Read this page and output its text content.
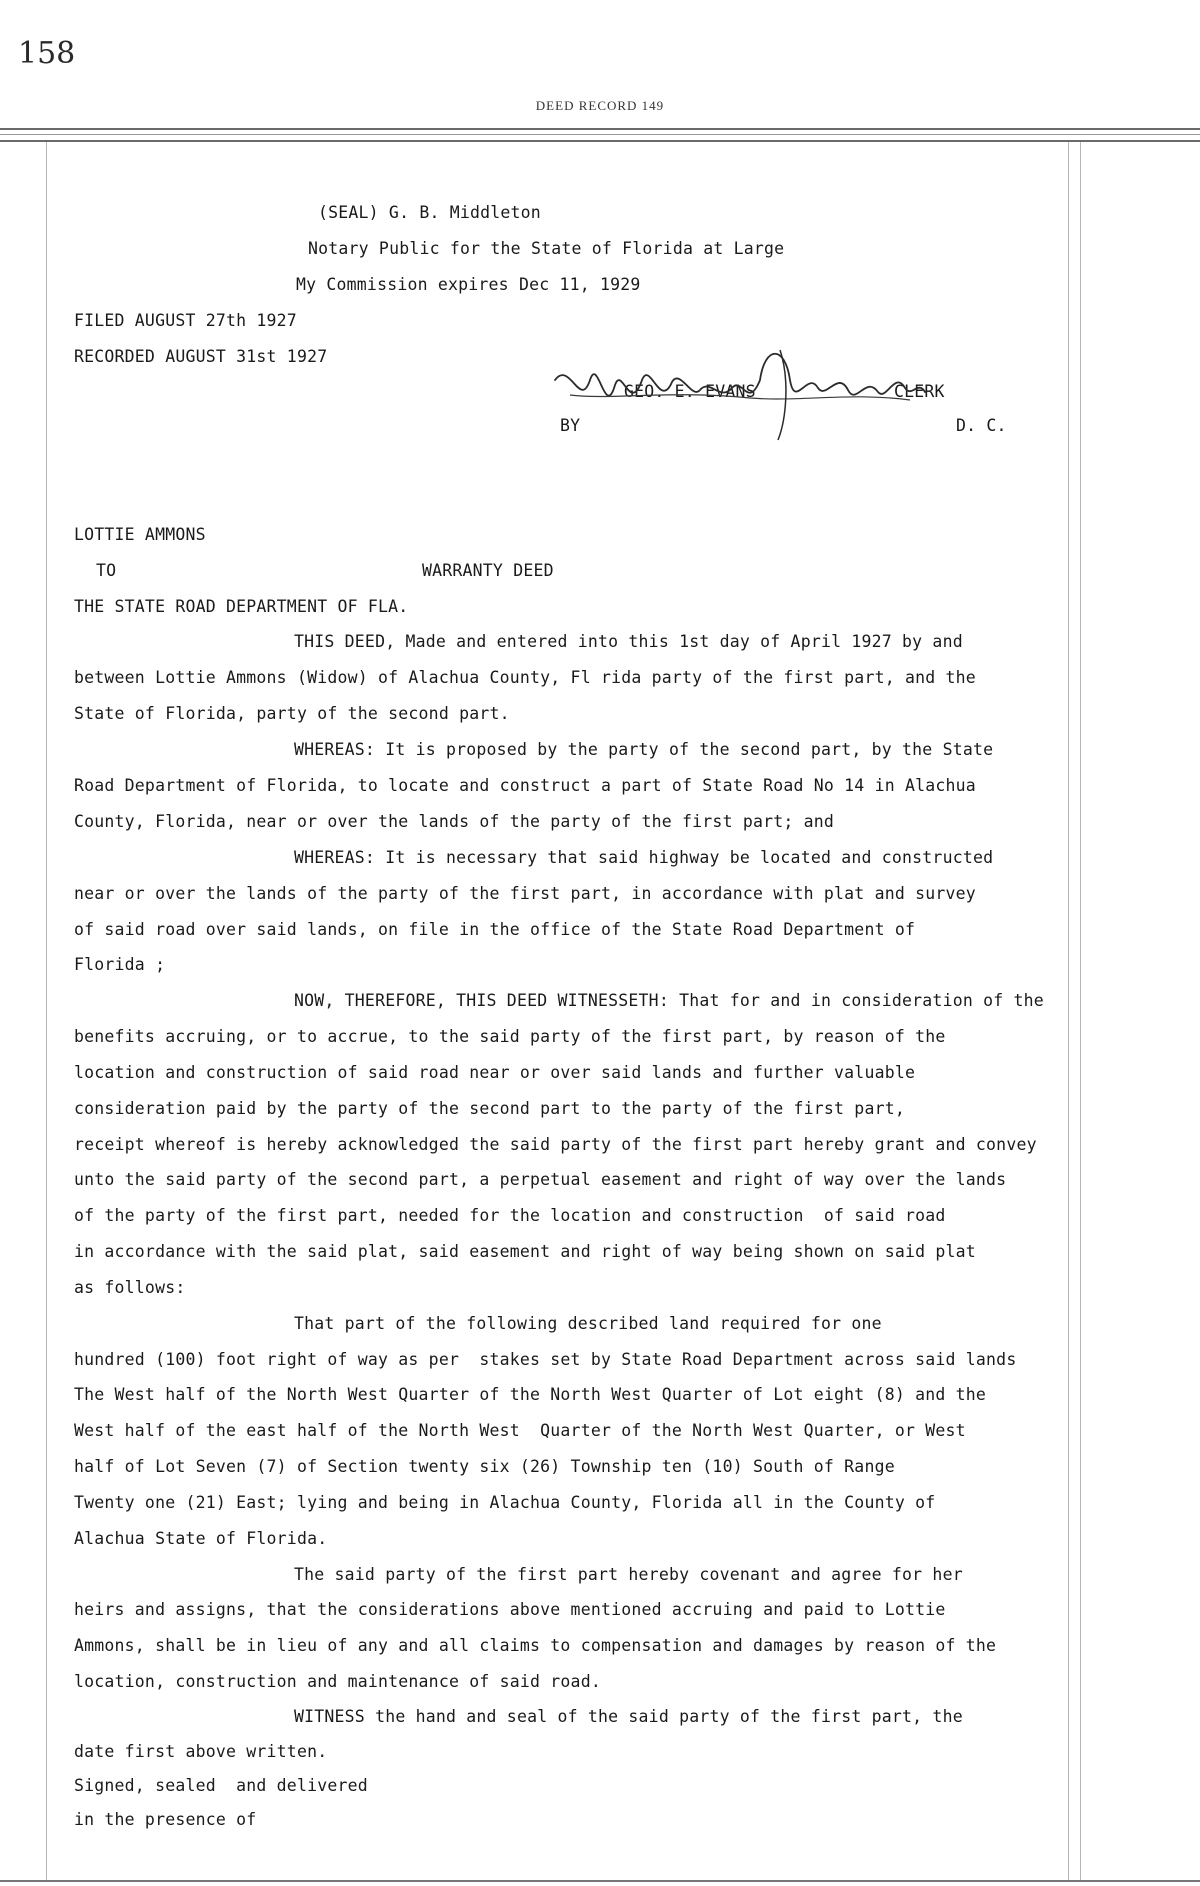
158
DEED RECORD 149
(SEAL) G. B. Middleton
Notary Public for the State of Florida at Large
My Commission expires Dec 11, 1929
FILED AUGUST 27th 1927
RECORDED AUGUST 31st 1927
GEO. E. EVANS	CLERK
BY	D. C.
LOTTIE AMMONS
TO	WARRANTY DEED
THE STATE ROAD DEPARTMENT OF FLA.
THIS DEED, Made and entered into this 1st day of April 1927 by and
between Lottie Ammons (Widow) of Alachua County, Fl rida party of the first part, and the
State of Florida, party of the second part.
WHEREAS: It is proposed by the party of the second part, by the State
Road Department of Florida, to locate and construct a part of State Road No 14 in Alachua
County, Florida, near or over the lands of the party of the first part; and
WHEREAS: It is necessary that said highway be located and constructed
near or over the lands of the party of the first part, in accordance with plat and survey
of said road over said lands, on file in the office of the State Road Department of
Florida ;
NOW, THEREFORE, THIS DEED WITNESSETH: That for and in consideration of the
benefits accruing, or to accrue, to the said party of the first part, by reason of the
location and construction of said road near or over said lands and further valuable
consideration paid by the party of the second part to the party of the first part,
receipt whereof is hereby acknowledged the said party of the first part hereby grant and convey
unto the said party of the second part, a perpetual easement and right of way over the lands
of the party of the first part, needed for the location and construction  of said road
in accordance with the said plat, said easement and right of way being shown on said plat
as follows:
That part of the following described land required for one
hundred (100) foot right of way as per  stakes set by State Road Department across said lands
The West half of the North West Quarter of the North West Quarter of Lot eight (8) and the
West half of the east half of the North West  Quarter of the North West Quarter, or West
half of Lot Seven (7) of Section twenty six (26) Township ten (10) South of Range
Twenty one (21) East; lying and being in Alachua County, Florida all in the County of
Alachua State of Florida.
The said party of the first part hereby covenant and agree for her
heirs and assigns, that the considerations above mentioned accruing and paid to Lottie
Ammons, shall be in lieu of any and all claims to compensation and damages by reason of the
location, construction and maintenance of said road.
WITNESS the hand and seal of the said party of the first part, the
date first above written.
Signed, sealed  and delivered
in the presence of
